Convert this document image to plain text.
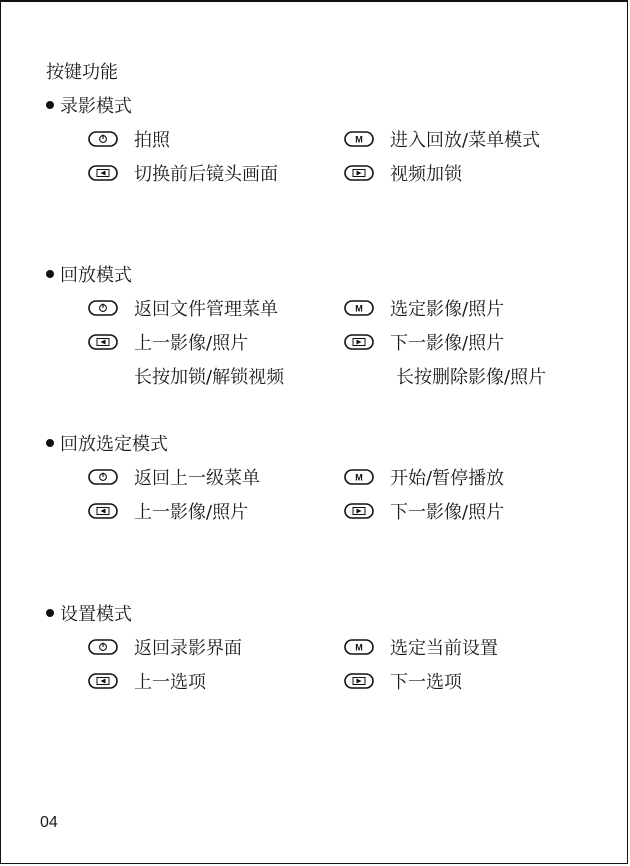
按键功能
录影模式
拍照	M 进入回放/菜单模式
切换前后镜头画面	视频加锁
回放模式
返回文件管理菜单	M 选定影像/照片
上一影像/照片	下一影像/照片
长按加锁/解锁视频	长按删除影像/照片
回放选定模式
返回上一级菜单	M 开始/暂停播放
上一影像/照片	下一影像/照片
设置模式
返回录影界面	M 选定当前设置
上一选项	下一选项
04
